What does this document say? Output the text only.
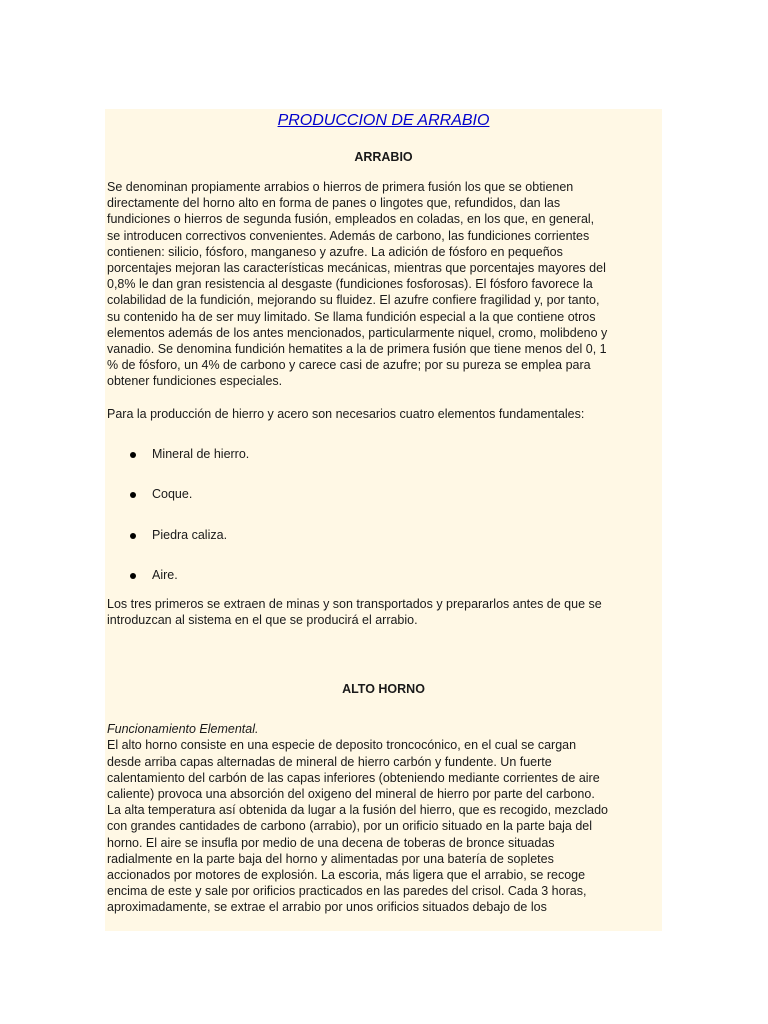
PRODUCCION DE ARRABIO
ARRABIO
Se denominan propiamente arrabios o hierros de primera fusión los que se obtienen
directamente del horno alto en forma de panes o lingotes que, refundidos, dan las
fundiciones o hierros de segunda fusión, empleados en coladas, en los que, en general,
se introducen correctivos convenientes. Además de carbono, las fundiciones corrientes
contienen: silicio, fósforo, manganeso y azufre. La adición de fósforo en pequeños
porcentajes mejoran las características mecánicas, mientras que porcentajes mayores del
0,8% le dan gran resistencia al desgaste (fundiciones fosforosas). El fósforo favorece la
colabilidad de la fundición, mejorando su fluidez. El azufre confiere fragilidad y, por tanto,
su contenido ha de ser muy limitado. Se llama fundición especial a la que contiene otros
elementos además de los antes mencionados, particularmente niquel, cromo, molibdeno y
vanadio. Se denomina fundición hematites a la de primera fusión que tiene menos del 0, 1
% de fósforo, un 4% de carbono y carece casi de azufre; por su pureza se emplea para
obtener fundiciones especiales.
Para la producción de hierro y acero son necesarios cuatro elementos fundamentales:
Mineral de hierro.
Coque.
Piedra caliza.
Aire.
Los tres primeros se extraen de minas y son transportados y prepararlos antes de que se
introduzcan al sistema en el que se producirá el arrabio.
ALTO HORNO
Funcionamiento Elemental.
El alto horno consiste en una especie de deposito troncocónico, en el cual se cargan
desde arriba capas alternadas de mineral de hierro carbón y fundente. Un fuerte
calentamiento del carbón de las capas inferiores (obteniendo mediante corrientes de aire
caliente) provoca una absorción del oxigeno del mineral de hierro por parte del carbono.
La alta temperatura así obtenida da lugar a la fusión del hierro, que es recogido, mezclado
con grandes cantidades de carbono (arrabio), por un orificio situado en la parte baja del
horno. El aire se insufla por medio de una decena de toberas de bronce situadas
radialmente en la parte baja del horno y alimentadas por una batería de sopletes
accionados por motores de explosión. La escoria, más ligera que el arrabio, se recoge
encima de este y sale por orificios practicados en las paredes del crisol. Cada 3 horas,
aproximadamente, se extrae el arrabio por unos orificios situados debajo de los
